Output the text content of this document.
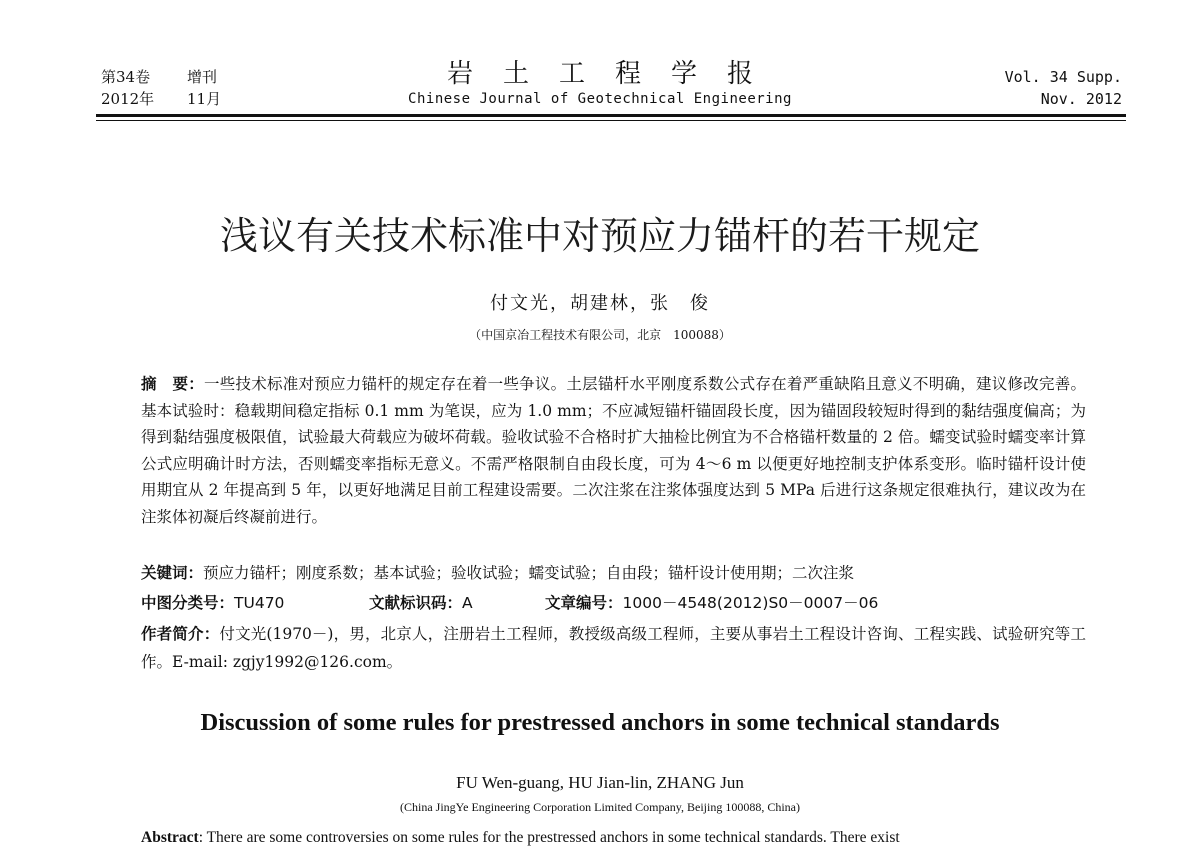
第34卷 增刊
2012年 11月
岩土工程学报
Chinese Journal of Geotechnical Engineering
Vol. 34 Supp.
Nov. 2012
浅议有关技术标准中对预应力锚杆的若干规定
付文光，胡建林，张　俊
（中国京冶工程技术有限公司，北京　100088）
摘　要：一些技术标准对预应力锚杆的规定存在着一些争议。土层锚杆水平刚度系数公式存在着严重缺陷且意义不明确，建议修改完善。基本试验时：稳载期间稳定指标 0.1 mm 为笔误，应为 1.0 mm；不应减短锚杆锚固段长度，因为锚固段较短时得到的黏结强度偏高；为得到黏结强度极限值，试验最大荷载应为破坏荷载。验收试验不合格时扩大抽检比例宜为不合格锚杆数量的 2 倍。蠕变试验时蠕变率计算公式应明确计时方法，否则蠕变率指标无意义。不需严格限制自由段长度，可为 4～6 m 以便更好地控制支护体系变形。临时锚杆设计使用期宜从 2 年提高到 5 年，以更好地满足目前工程建设需要。二次注浆在注浆体强度达到 5 MPa 后进行这条规定很难执行，建议改为在注浆体初凝后终凝前进行。
关键词：预应力锚杆；刚度系数；基本试验；验收试验；蠕变试验；自由段；锚杆设计使用期；二次注浆
中图分类号：TU470	文献标识码：A	文章编号：1000－4548(2012)S0－0007－06
作者简介：付文光(1970－)，男，北京人，注册岩土工程师，教授级高级工程师，主要从事岩土工程设计咨询、工程实践、试验研究等工作。E-mail: zgjy1992@126.com。
Discussion of some rules for prestressed anchors in some technical standards
FU Wen-guang, HU Jian-lin, ZHANG Jun
(China JingYe Engineering Corporation Limited Company, Beijing 100088, China)
Abstract: There are some controversies on some rules for the prestressed anchors in some technical standards. There exist
